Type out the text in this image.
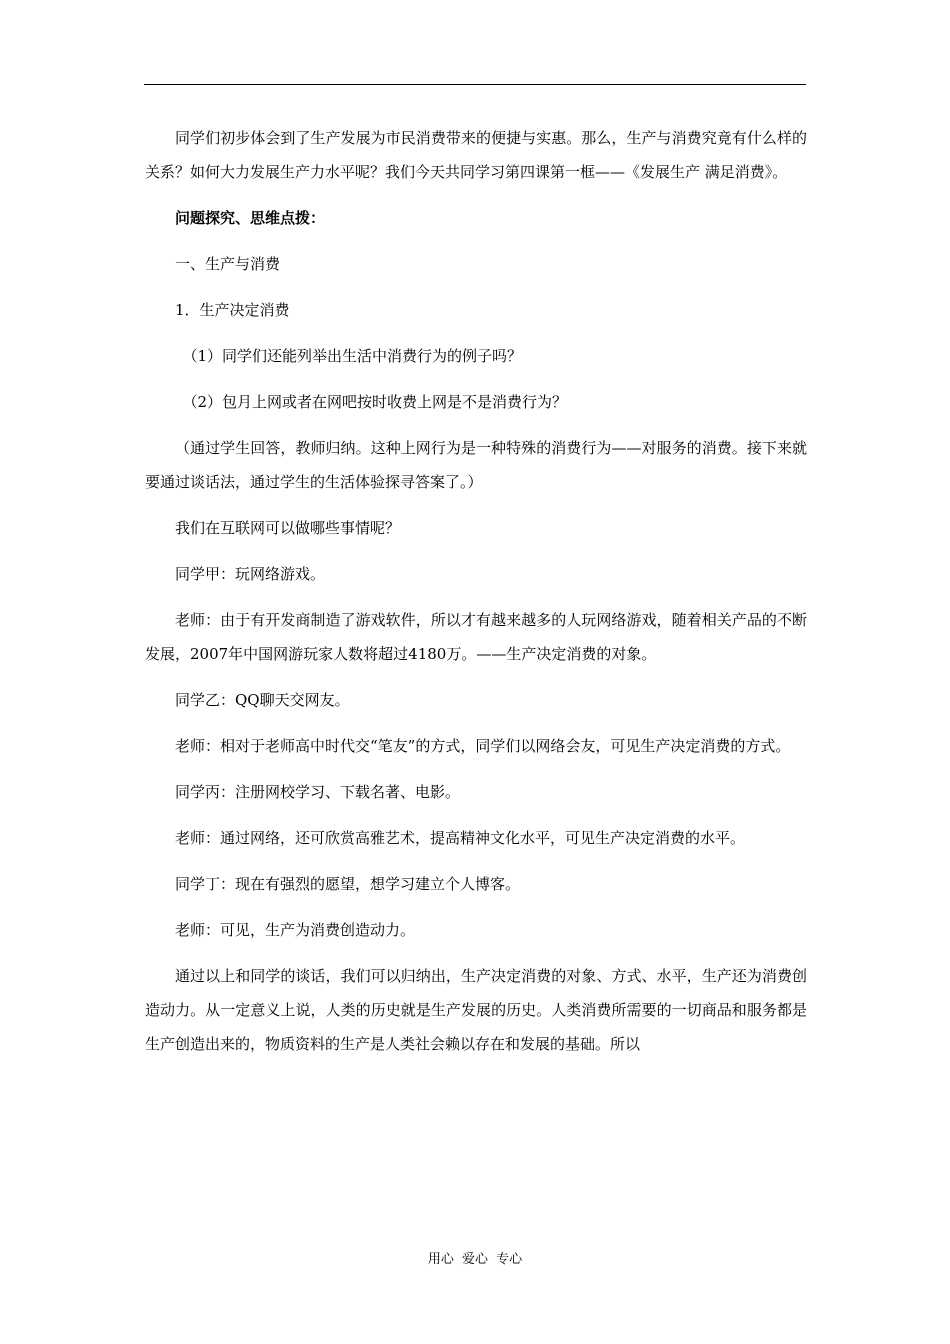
同学们初步体会到了生产发展为市民消费带来的便捷与实惠。那么，生产与消费究竟有什么样的关系？如何大力发展生产力水平呢？我们今天共同学习第四课第一框——《发展生产 满足消费》。

问题探究、思维点拨：

一、生产与消费

1．生产决定消费

（1）同学们还能列举出生活中消费行为的例子吗？

（2）包月上网或者在网吧按时收费上网是不是消费行为？

（通过学生回答，教师归纳。这种上网行为是一种特殊的消费行为——对服务的消费。接下来就要通过谈话法，通过学生的生活体验探寻答案了。）

我们在互联网可以做哪些事情呢？

同学甲：玩网络游戏。

老师：由于有开发商制造了游戏软件，所以才有越来越多的人玩网络游戏，随着相关产品的不断发展，2007年中国网游玩家人数将超过4180万。——生产决定消费的对象。

同学乙：QQ聊天交网友。

老师：相对于老师高中时代交“笔友”的方式，同学们以网络会友，可见生产决定消费的方式。

同学丙：注册网校学习、下载名著、电影。

老师：通过网络，还可欣赏高雅艺术，提高精神文化水平，可见生产决定消费的水平。

同学丁：现在有强烈的愿望，想学习建立个人博客。

老师：可见，生产为消费创造动力。

通过以上和同学的谈话，我们可以归纳出，生产决定消费的对象、方式、水平，生产还为消费创造动力。从一定意义上说，人类的历史就是生产发展的历史。人类消费所需要的一切商品和服务都是生产创造出来的，物质资料的生产是人类社会赖以存在和发展的基础。所以

用心 爱心 专心
